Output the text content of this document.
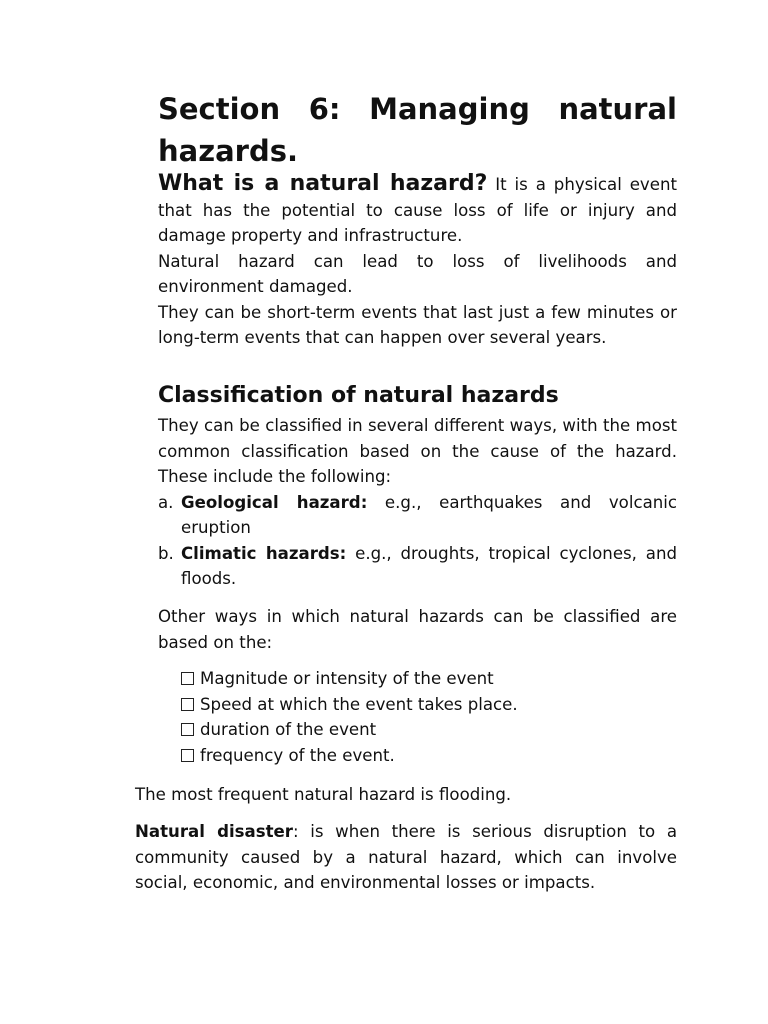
Section 6: Managing natural
hazards.

What is a natural hazard? It is a physical event that has the potential to cause loss of life or injury and damage property and infrastructure.

Natural hazard can lead to loss of livelihoods and environment damaged.

They can be short-term events that last just a few minutes or long-term events that can happen over several years.

Classification of natural hazards

They can be classified in several different ways, with the most common classification based on the cause of the hazard. These include the following:

a. Geological hazard: e.g., earthquakes and volcanic eruption
b. Climatic hazards: e.g., droughts, tropical cyclones, and floods.

Other ways in which natural hazards can be classified are based on the:

Magnitude or intensity of the event
Speed at which the event takes place.
duration of the event
frequency of the event.

The most frequent natural hazard is flooding.

Natural disaster: is when there is serious disruption to a community caused by a natural hazard, which can involve social, economic, and environmental losses or impacts.
